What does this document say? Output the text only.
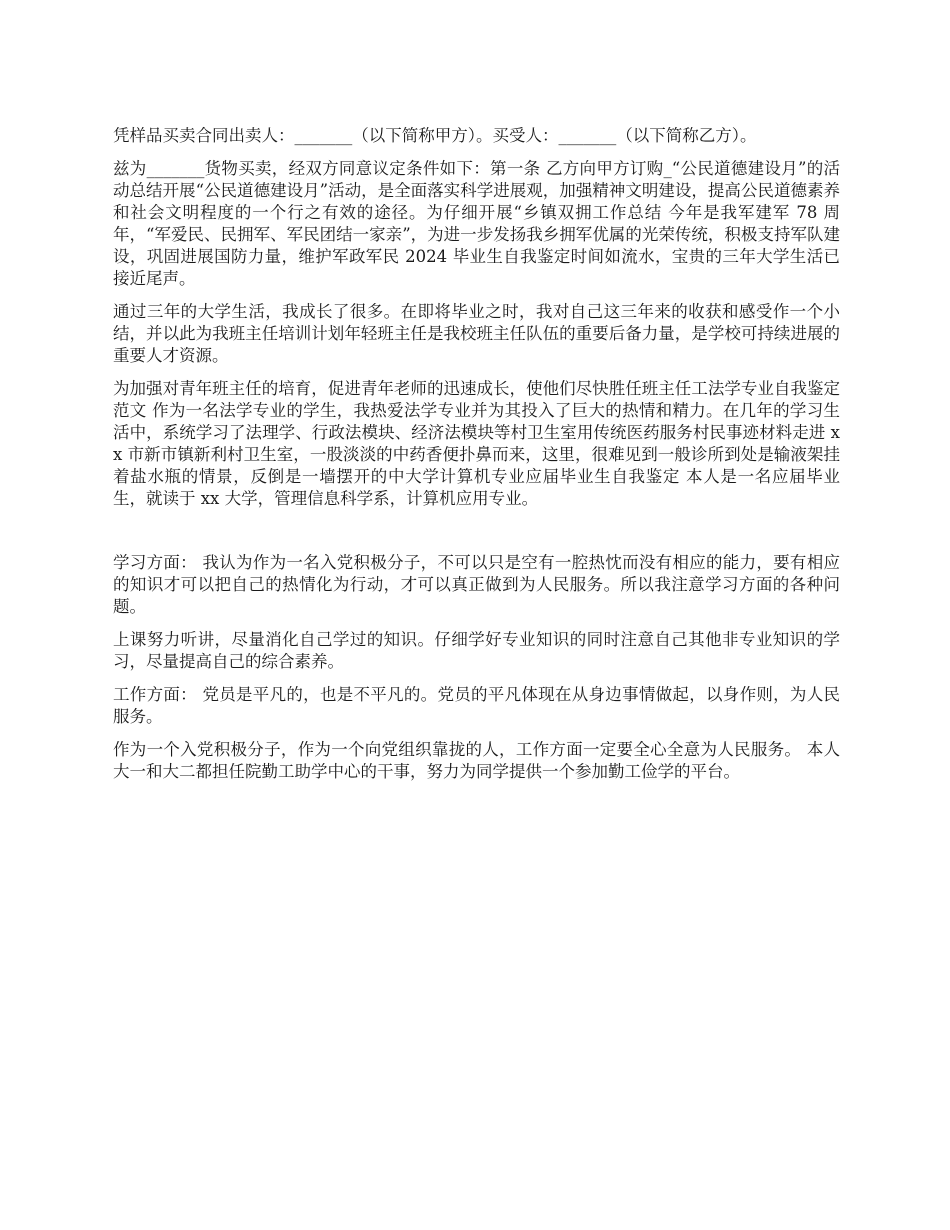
凭样品买卖合同出卖人：_______（以下简称甲方）。买受人：_______（以下简称乙方）。

兹为_______货物买卖，经双方同意议定条件如下：第一条 乙方向甲方订购_“公民道德建设月”的活动总结开展“公民道德建设月”活动，是全面落实科学进展观，加强精神文明建设，提高公民道德素养和社会文明程度的一个行之有效的途径。为仔细开展“乡镇双拥工作总结 今年是我军建军 78 周年，“军爱民、民拥军、军民团结一家亲”，为进一步发扬我乡拥军优属的光荣传统，积极支持军队建设，巩固进展国防力量，维护军政军民 2024 毕业生自我鉴定时间如流水，宝贵的三年大学生活已接近尾声。

通过三年的大学生活，我成长了很多。在即将毕业之时，我对自己这三年来的收获和感受作一个小结，并以此为我班主任培训计划年轻班主任是我校班主任队伍的重要后备力量，是学校可持续进展的重要人才资源。

为加强对青年班主任的培育，促进青年老师的迅速成长，使他们尽快胜任班主任工法学专业自我鉴定范文 作为一名法学专业的学生，我热爱法学专业并为其投入了巨大的热情和精力。在几年的学习生活中，系统学习了法理学、行政法模块、经济法模块等村卫生室用传统医药服务村民事迹材料走进 xx 市新市镇新利村卫生室，一股淡淡的中药香便扑鼻而来，这里，很难见到一般诊所到处是输液架挂着盐水瓶的情景，反倒是一墙摆开的中大学计算机专业应届毕业生自我鉴定 本人是一名应届毕业生，就读于 xx 大学，管理信息科学系，计算机应用专业。

学习方面： 我认为作为一名入党积极分子，不可以只是空有一腔热忱而没有相应的能力，要有相应的知识才可以把自己的热情化为行动，才可以真正做到为人民服务。所以我注意学习方面的各种问题。

上课努力听讲，尽量消化自己学过的知识。仔细学好专业知识的同时注意自己其他非专业知识的学习，尽量提高自己的综合素养。

工作方面： 党员是平凡的，也是不平凡的。党员的平凡体现在从身边事情做起，以身作则，为人民服务。

作为一个入党积极分子，作为一个向党组织靠拢的人，工作方面一定要全心全意为人民服务。 本人大一和大二都担任院勤工助学中心的干事，努力为同学提供一个参加勤工俭学的平台。
